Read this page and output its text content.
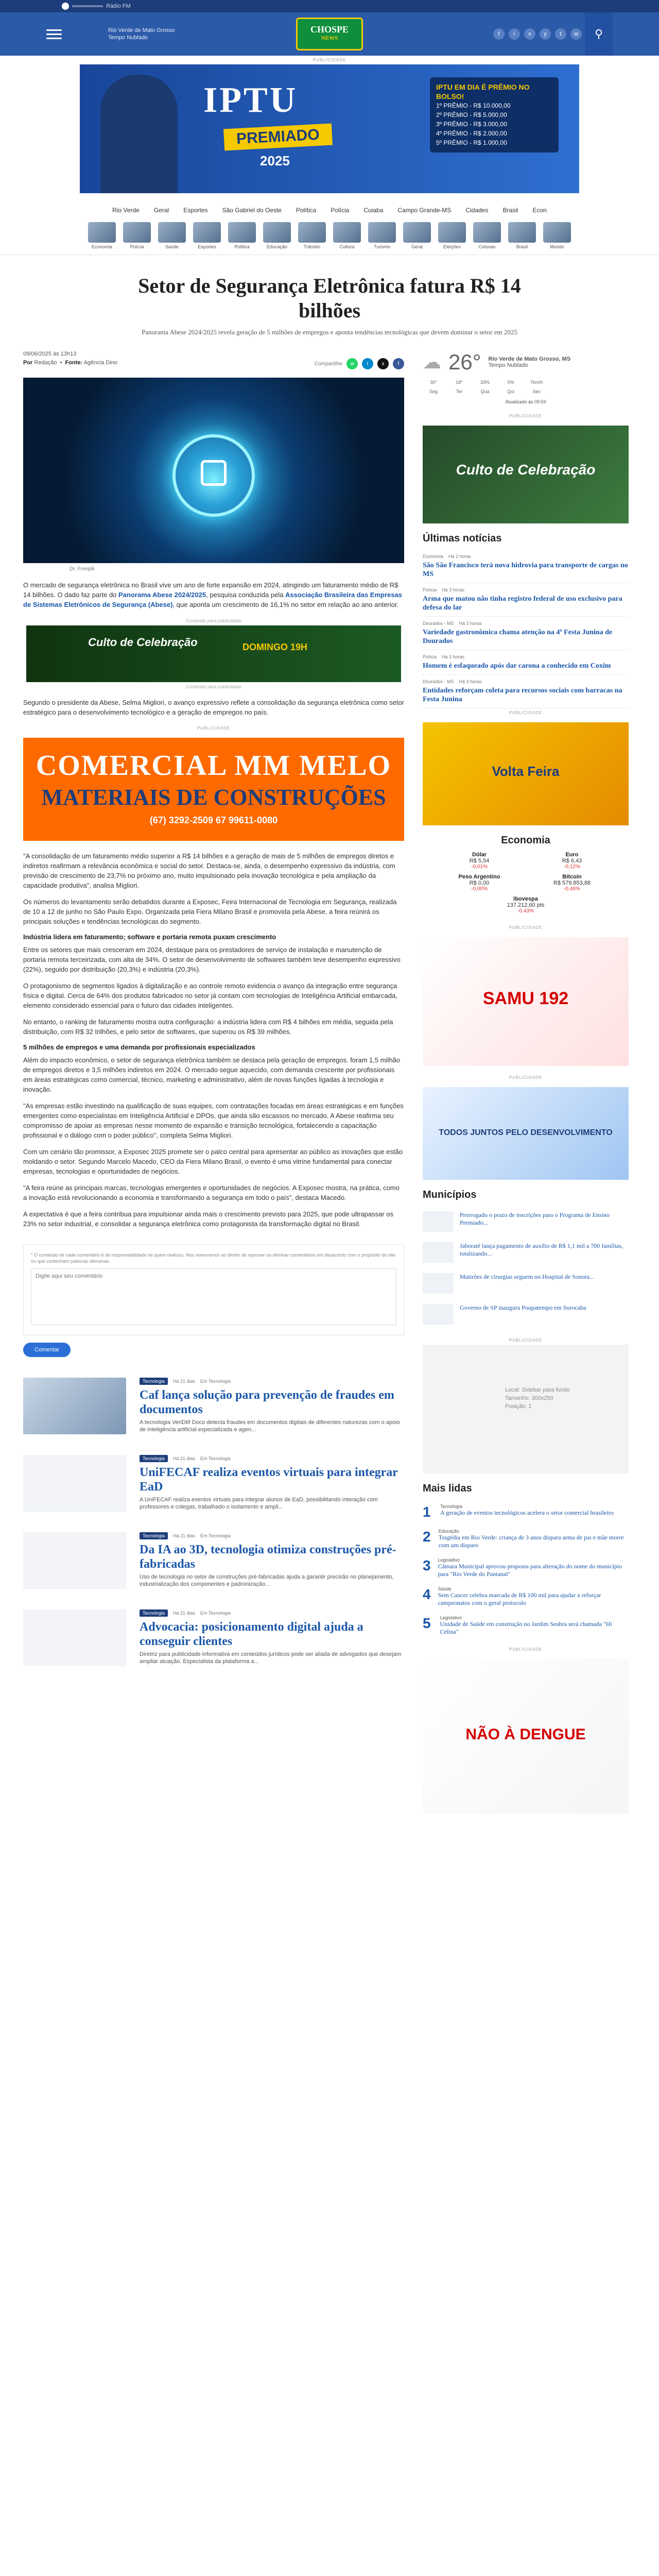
Rádio FM
Rio Verde de Mato Grosso
Tempo Nublado
CHOSPE
NEWS
f	i	x	y	t	w	⚲
PUBLICIDADE
IPTU
PREMIADO
2025
IPTU EM DIA É PRÊMIO NO BOLSO!
1º PRÊMIO - R$ 10.000,00
2º PRÊMIO - R$ 5.000,00
3º PRÊMIO - R$ 3.000,00
4º PRÊMIO - R$ 2.000,00
5º PRÊMIO - R$ 1.000,00
Rio Verde Geral Esportes São Gabriel do Oeste Política Polícia Cuiaba Campo Grande-MS Cidades Brasil Econ
Economia	Polícia	Saúde	Esportes	Política	Educação	Trânsito	Cultura	Turismo	Geral	Eleições	Colunas	Brasil	Mundo
Setor de Segurança Eletrônica fatura R$ 14 bilhões
Panorama Abese 2024/2025 revela geração de 5 milhões de empregos e aponta tendências tecnológicas que devem dominar o setor em 2025
09/06/2025 às 13h13
Por Redação  •  Fonte: Agência Dino	Compartilhe	w	t	x	f
Dr. Freepik

O mercado de segurança eletrônica no Brasil vive um ano de forte expansão em 2024, atingindo um faturamento médio de R$ 14 bilhões. O dado faz parte do Panorama Abese 2024/2025, pesquisa conduzida pela Associação Brasileira das Empresas de Sistemas Eletrônicos de Segurança (Abese), que aponta um crescimento de 16,1% no setor em relação ao ano anterior.

Conteúdo para publicidade
Culto de Celebração	DOMINGO 19H
Conteúdo para publicidade

Segundo o presidente da Abese, Selma Migliori, o avanço expressivo reflete a consolidação da segurança eletrônica como setor estratégico para o desenvolvimento tecnológico e a geração de empregos no país.

PUBLICIDADE
COMERCIAL MM MELO
MATERIAIS DE CONSTRUÇÕES
(67) 3292-2509 67 99611-0080

"A consolidação de um faturamento médio superior a R$ 14 bilhões e a geração de mais de 5 milhões de empregos diretos e indiretos reafirmam a relevância econômica e social do setor. Destaca-se, ainda, o desempenho expressivo da indústria, com previsão de crescimento de 23,7% no próximo ano, muito impulsionado pela inovação tecnológica e pela ampliação da capacidade produtiva", analisa Migliori.

Os números do levantamento serão debatidos durante a Exposec, Feira Internacional de Tecnologia em Segurança, realizada de 10 a 12 de junho no São Paulo Expo. Organizada pela Fiera Milano Brasil e promovida pela Abese, a feira reúnirá os principais soluções e tendências tecnológicas do segmento.

Indústria lidera em faturamento; software e portaria remota puxam crescimento

Entre os setores que mais cresceram em 2024, destaque para os prestadores de serviço de instalação e manutenção de portaria remota terceirizada, com alta de 34%. O setor de desenvolvimento de softwares também teve desempenho expressivo (22%), seguido por distribuição (20,3%) e indústria (20,3%).

O protagonismo de segmentos ligados à digitalização e ao controle remoto evidencia o avanço da integração entre segurança física e digital. Cerca de 64% dos produtos fabricados no setor já contam com tecnologias de Inteligência Artificial embarcada, elemento considerado essencial para o futuro das cidades inteligentes.

No entanto, o ranking de faturamento mostra outra configuração: a indústria lidera com R$ 4 bilhões em média, seguida pela distribuição, com R$ 32 trilhões, e pelo setor de softwares, que superou os R$ 39 milhões.

5 milhões de empregos e uma demanda por profissionais especializados

Além do impacto econômico, o setor de segurança eletrônica também se destaca pela geração de empregos. foram 1,5 milhão de empregos diretos e 3,5 milhões indiretos em 2024. O mercado segue aquecido, com demanda crescente por profissionais em áreas estratégicas como comercial, técnico, marketing e administrativo, além de novas funções ligadas à tecnologia e inovação.

"As empresas estão investindo na qualificação de suas equipes, com contratações focadas em áreas estratégicas e em funções emergentes como especialistas em Inteligência Artificial e DPOs, que ainda são escassos no mercado. A Abese reafirma seu compromisso de apoiar as empresas nesse momento de expansão e transição tecnológica, fortalecendo a capacitação profissional e o diálogo com o poder público", completa Selma Migliori.

Com um cenário tão promissor, a Exposec 2025 promete ser o palco central para apresentar ao público as inovações que estão moldando o setor. Segundo Marcelo Macedo, CEO da Fiera Milano Brasil, o evento é uma vitrine fundamental para conectar empresas, tecnologias e oportunidades de negócios.

"A feira reúne as principais marcas, tecnologias emergentes e oportunidades de negócios. A Exposec mostra, na prática, como a inovação está revolucionando a economia e transformando a segurança em todo o país", destaca Macedo.

A expectativa é que a feira contribua para impulsionar ainda mais o crescimento previsto para 2025, que pode ultrapassar os 23% no setor industrial, e consolidar a segurança eletrônica como protagonista da transformação digital no Brasil.

* O conteúdo de cada comentário é de responsabilidade de quem realizou. Nos reservamos ao direito de reprovar ou eliminar comentários em desacordo com o propósito do site ou que contenham palavras ofensivas.
Digite aqui seu comentário
Comentar
Tecnologia	Há 21 dias Em Tecnologia
Caf lança solução para prevenção de fraudes em documentos

A tecnologia VeriDtif Doco detecta fraudes em documentos digitais de diferentes naturezas com o apoio de inteligência artificial especializada e agen...

Tecnologia	Há 21 dias Em Tecnologia
UniFECAF realiza eventos virtuais para integrar EaD

A UniFECAF realiza eventos virtuais para integrar alunos de EaD, possibilitando interação com professores e colegas, trabalhado o isolamento e ampli...

Tecnologia	Há 21 dias Em Tecnologia
Da IA ao 3D, tecnologia otimiza construções pré-fabricadas

Uso de tecnologia no setor de construções pré-fabricadas ajuda a garantir precisão no planejamento, industrialização dos componentes e padronização...

Tecnologia	Há 21 dias Em Tecnologia
Advocacia: posicionamento digital ajuda a conseguir clientes

Diretriz para publicidade informativa em conteúdos jurídicos pode ser aliada de advogados que desejam ampliar atuação. Especialista da plataforma a...

☁ 26° Rio Verde de Mato Grosso, MS
Tempo Nublado
30°	18°	33%	0%	7km/h
Seg	Ter	Qua	Qui	Sex
Atualizado às 09:59
PUBLICIDADE
Culto de Celebração
Últimas notícias
Economia Há 2 horas
São São Francisco terá nova hidrovia para transporte de cargas no MS
Polícia Há 3 horas
Arma que matou não tinha registro federal de uso exclusivo para defesa do lar
Dourados - MS Há 3 horas
Variedade gastronômica chama atenção na 4ª Festa Junina de Dourados
Polícia Há 3 horas
Homem é esfaqueado após dar carona a conhecido em Coxim
Dourados - MS Há 3 horas
Entidades reforçam coleta para recursos sociais com barracas na Festa Junina
PUBLICIDADE
Volta Feira
Economia
Dólar
R$ 5,54
-0,01%
Euro
R$ 6,43
-0,12%
Peso Argentino
R$ 0,00
-0,00%
Bitcoin
R$ 579.853,88
-0,46%
Ibovespa
137.212,60 pts
-0,43%
PUBLICIDADE
SAMU 192
PUBLICIDADE
TODOS JUNTOS PELO DESENVOLVIMENTO
Municípios
Prorrogado o prazo de inscrições para o Programa de Ensino Premiado...
Jaboraté lança pagamento de auxílio de R$ 1,1 mil a 700 famílias, totalizando...
Mutirões de cirurgias seguem no Hospital de Sonora...
Governo de SP inaugura Poupatempo em Sorocaba
PUBLICIDADE
Local: Sidebar para fundo
Tamanho: 300x250
Posição: 1
Mais lidas
1	Tecnologia
A geração de eventos tecnológicos acelera o setor comercial brasileiro
2 Educação
Tragédia em Rio Verde: criança de 3 anos dispara arma de pai e mãe morre com um disparo
3 Legislativo
Câmara Municipal aprovou proposta para alteração do nome do município para "Rio Verde do Pantanal"
4 Saúde
Sem Cancer celebra marcada de R$ 100 mil para ajudar a reforçar campeonatos com o geral protocolo
5	Legislativo
Unidade de Saúde em construção no Jardim Seabra será chamada "Hi Celina"
PUBLICIDADE
NÃO À DENGUE
